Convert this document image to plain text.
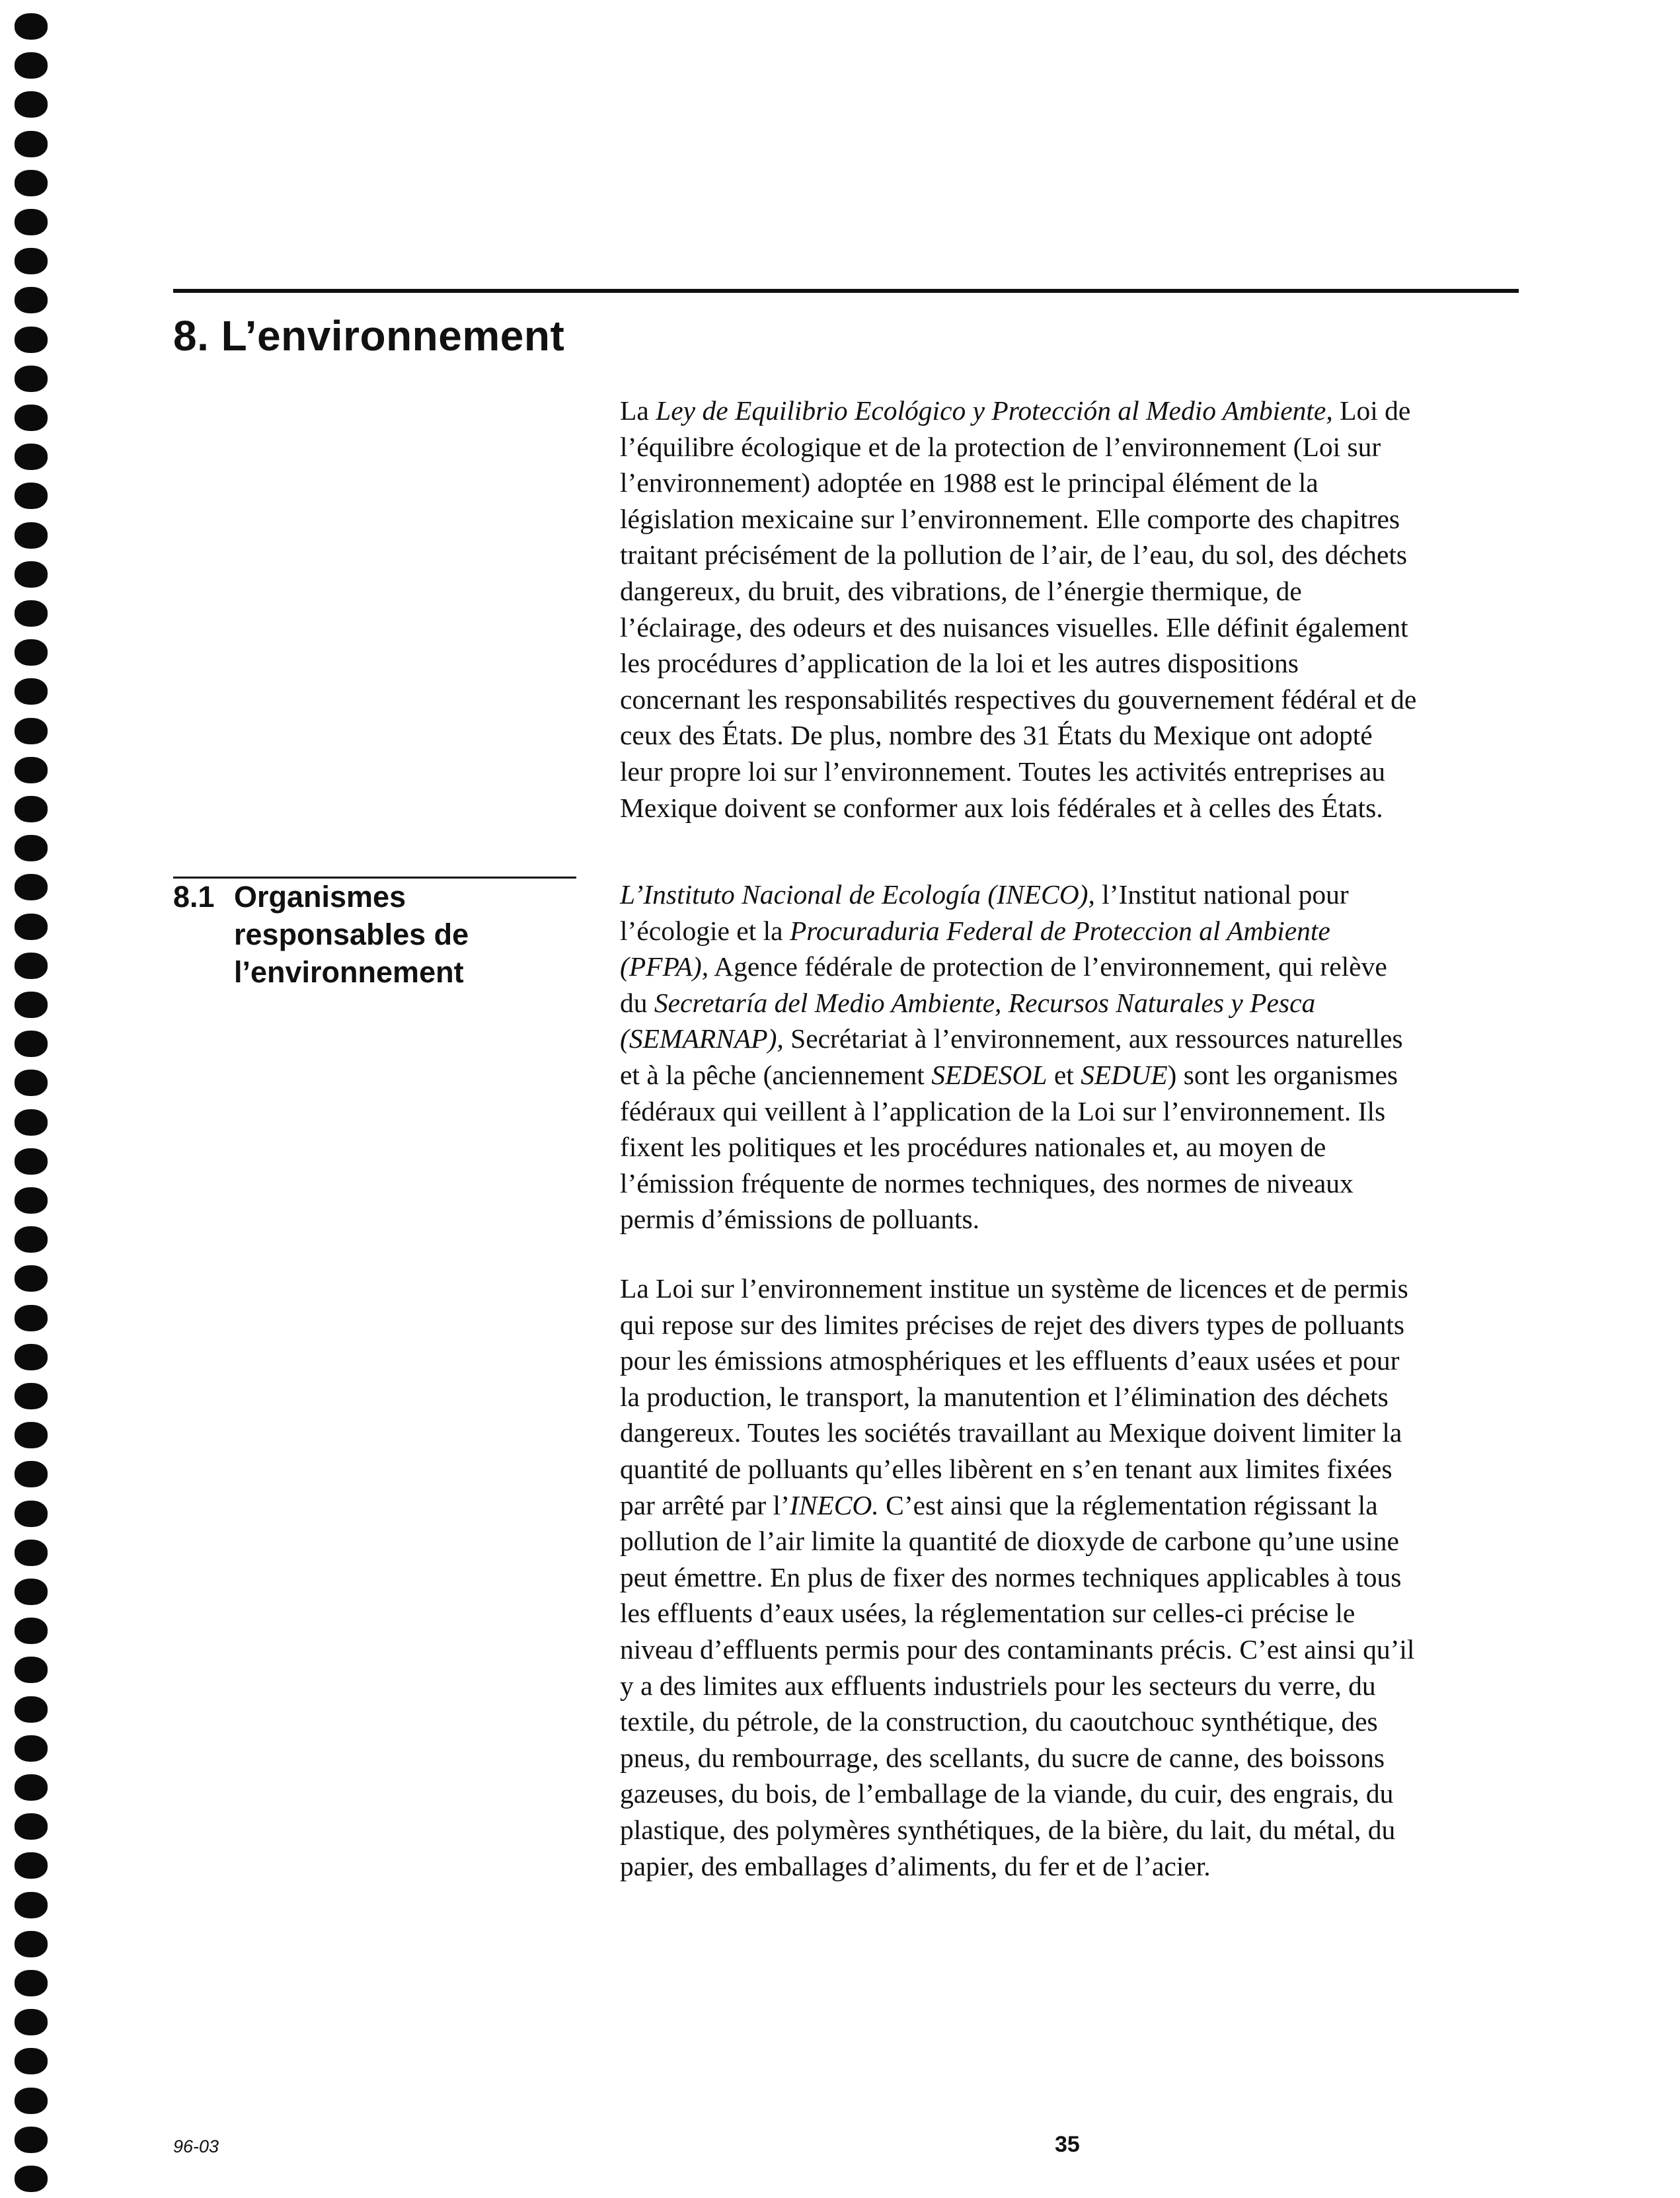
8. L’environnement
La Ley de Equilibrio Ecológico y Protección al Medio Ambiente, Loi de
l’équilibre écologique et de la protection de l’environnement (Loi sur
l’environnement) adoptée en 1988 est le principal élément de la
législation mexicaine sur l’environnement. Elle comporte des chapitres
traitant précisément de la pollution de l’air, de l’eau, du sol, des déchets
dangereux, du bruit, des vibrations, de l’énergie thermique, de
l’éclairage, des odeurs et des nuisances visuelles. Elle définit également
les procédures d’application de la loi et les autres dispositions
concernant les responsabilités respectives du gouvernement fédéral et de
ceux des États. De plus, nombre des 31 États du Mexique ont adopté
leur propre loi sur l’environnement. Toutes les activités entreprises au
Mexique doivent se conformer aux lois fédérales et à celles des États.
8.1 Organismes
responsables de
l’environnement
L’Instituto Nacional de Ecología (INECO), l’Institut national pour
l’écologie et la Procuraduria Federal de Proteccion al Ambiente
(PFPA), Agence fédérale de protection de l’environnement, qui relève
du Secretaría del Medio Ambiente, Recursos Naturales y Pesca
(SEMARNAP), Secrétariat à l’environnement, aux ressources naturelles
et à la pêche (anciennement SEDESOL et SEDUE) sont les organismes
fédéraux qui veillent à l’application de la Loi sur l’environnement. Ils
fixent les politiques et les procédures nationales et, au moyen de
l’émission fréquente de normes techniques, des normes de niveaux
permis d’émissions de polluants.
La Loi sur l’environnement institue un système de licences et de permis
qui repose sur des limites précises de rejet des divers types de polluants
pour les émissions atmosphériques et les effluents d’eaux usées et pour
la production, le transport, la manutention et l’élimination des déchets
dangereux. Toutes les sociétés travaillant au Mexique doivent limiter la
quantité de polluants qu’elles libèrent en s’en tenant aux limites fixées
par arrêté par l’INECO. C’est ainsi que la réglementation régissant la
pollution de l’air limite la quantité de dioxyde de carbone qu’une usine
peut émettre. En plus de fixer des normes techniques applicables à tous
les effluents d’eaux usées, la réglementation sur celles-ci précise le
niveau d’effluents permis pour des contaminants précis. C’est ainsi qu’il
y a des limites aux effluents industriels pour les secteurs du verre, du
textile, du pétrole, de la construction, du caoutchouc synthétique, des
pneus, du rembourrage, des scellants, du sucre de canne, des boissons
gazeuses, du bois, de l’emballage de la viande, du cuir, des engrais, du
plastique, des polymères synthétiques, de la bière, du lait, du métal, du
papier, des emballages d’aliments, du fer et de l’acier.
96-03	35
